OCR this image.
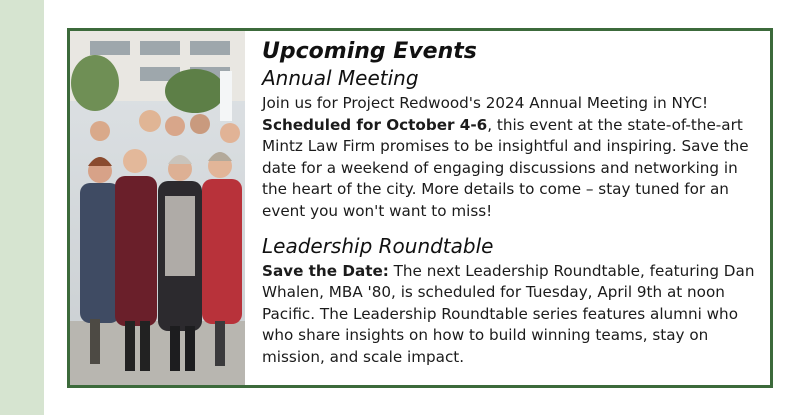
Upcoming Events
Annual Meeting

Join us for Project Redwood's 2024 Annual Meeting in NYC! Scheduled for October 4-6, this event at the state-of-the-art Mintz Law Firm promises to be insightful and inspiring. Save the date for a weekend of engaging discussions and networking in the heart of the city. More details to come – stay tuned for an event you won't want to miss!

Leadership Roundtable

Save the Date: The next Leadership Roundtable, featuring Dan Whalen, MBA '80, is scheduled for Tuesday, April 9th at noon Pacific. The Leadership Roundtable series features alumni who who share insights on how to build winning teams, stay on mission, and scale impact.
